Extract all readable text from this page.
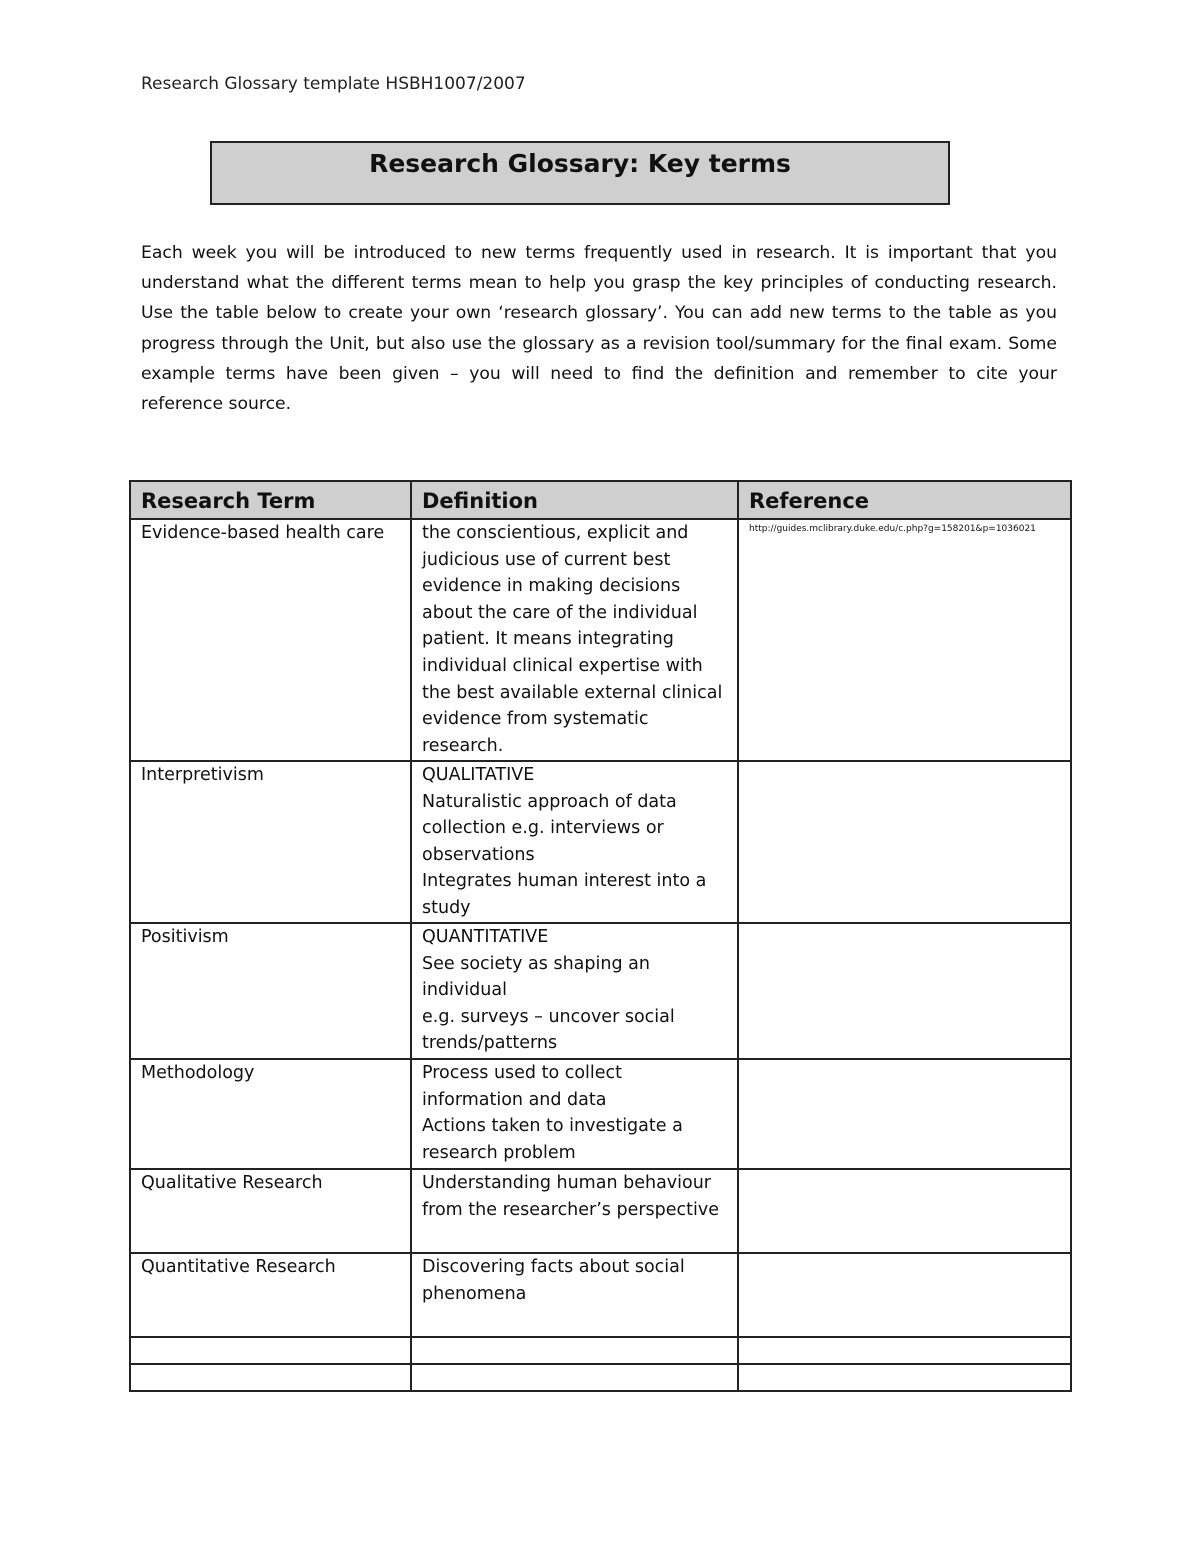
Research Glossary template HSBH1007/2007
Research Glossary: Key terms
Each week you will be introduced to new terms frequently used in research. It is important that you understand what the different terms mean to help you grasp the key principles of conducting research. Use the table below to create your own ‘research glossary’. You can add new terms to the table as you progress through the Unit, but also use the glossary as a revision tool/summary for the final exam. Some example terms have been given – you will need to find the definition and remember to cite your reference source.
Research Term	Definition	Reference
Evidence-based health care	the conscientious, explicit and judicious use of current best evidence in making decisions about the care of the individual patient. It means integrating individual clinical expertise with the best available external clinical evidence from systematic research.	http://guides.mclibrary.duke.edu/c.php?g=158201&p=1036021
Interpretivism	QUALITATIVE
Naturalistic approach of data collection e.g. interviews or observations
Integrates human interest into a study	

Positivism	QUANTITATIVE
See society as shaping an individual
e.g. surveys – uncover social trends/patterns	

Methodology	Process used to collect information and data
Actions taken to investigate a research problem	

Qualitative Research	Understanding human behaviour from the researcher’s perspective	

Quantitative Research	Discovering facts about social phenomena	
